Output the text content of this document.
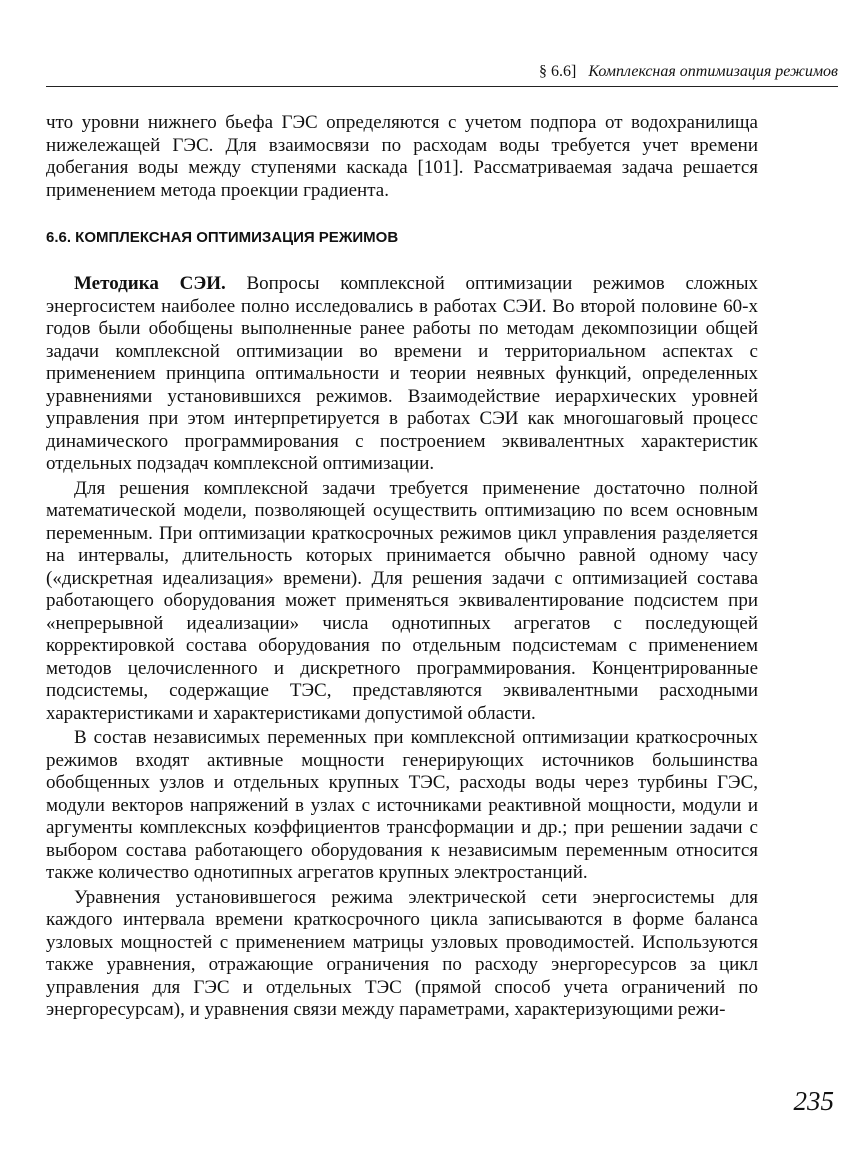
§ 6.6] Комплексная оптимизация режимов

что уровни нижнего бьефа ГЭС определяются с учетом подпора от водохранилища нижележащей ГЭС. Для взаимосвязи по расходам воды требуется учет времени добегания воды между ступенями каскада [101]. Рассматриваемая задача решается применением метода проекции градиента.

6.6. КОМПЛЕКСНАЯ ОПТИМИЗАЦИЯ РЕЖИМОВ

Методика СЭИ. Вопросы комплексной оптимизации режимов сложных энергосистем наиболее полно исследовались в работах СЭИ. Во второй половине 60-х годов были обобщены выполненные ранее работы по методам декомпозиции общей задачи комплексной оптимизации во времени и территориальном аспектах с применением принципа оптимальности и теории неявных функций, определенных уравнениями установившихся режимов. Взаимодействие иерархических уровней управления при этом интерпретируется в работах СЭИ как многошаговый процесс динамического программирования с построением эквивалентных характеристик отдельных подзадач комплексной оптимизации.

Для решения комплексной задачи требуется применение достаточно полной математической модели, позволяющей осуществить оптимизацию по всем основным переменным. При оптимизации краткосрочных режимов цикл управления разделяется на интервалы, длительность которых принимается обычно равной одному часу («дискретная идеализация» времени). Для решения задачи с оптимизацией состава работающего оборудования может применяться эквивалентирование подсистем при «непрерывной идеализации» числа однотипных агрегатов с последующей корректировкой состава оборудования по отдельным подсистемам с применением методов целочисленного и дискретного программирования. Концентрированные подсистемы, содержащие ТЭС, представляются эквивалентными расходными характеристиками и характеристиками допустимой области.

В состав независимых переменных при комплексной оптимизации краткосрочных режимов входят активные мощности генерирующих источников большинства обобщенных узлов и отдельных крупных ТЭС, расходы воды через турбины ГЭС, модули векторов напряжений в узлах с источниками реактивной мощности, модули и аргументы комплексных коэффициентов трансформации и др.; при решении задачи с выбором состава работающего оборудования к независимым переменным относится также количество однотипных агрегатов крупных электростанций.

Уравнения установившегося режима электрической сети энергосистемы для каждого интервала времени краткосрочного цикла записываются в форме баланса узловых мощностей с применением матрицы узловых проводимостей. Используются также уравнения, отражающие ограничения по расходу энергоресурсов за цикл управления для ГЭС и отдельных ТЭС (прямой способ учета ограничений по энергоресурсам), и уравнения связи между параметрами, характеризующими режи-

235
